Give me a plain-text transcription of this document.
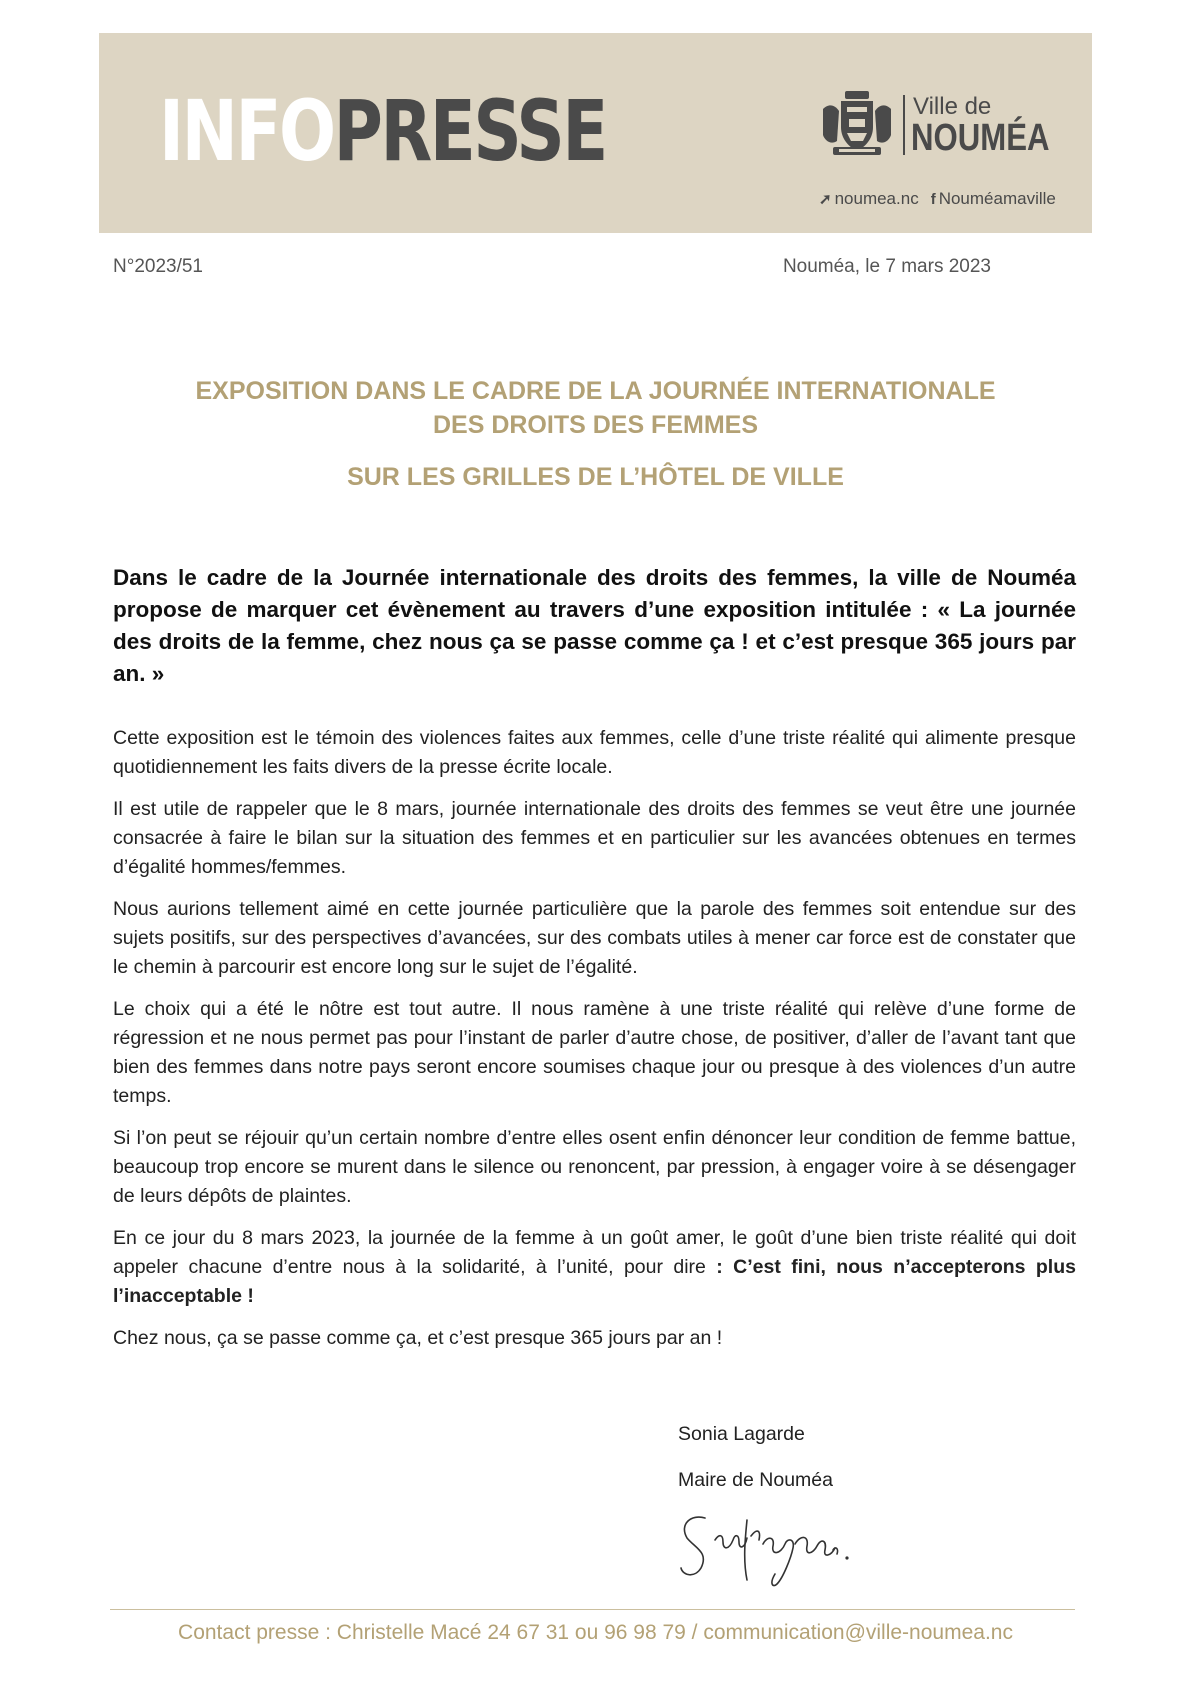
INFOPRESSE	Ville de
NOUMÉA
➚ noumea.nc f Nouméamaville
N°2023/51	Nouméa, le 7 mars 2023
EXPOSITION DANS LE CADRE DE LA JOURNÉE INTERNATIONALE
DES DROITS DES FEMMES
SUR LES GRILLES DE L’HÔTEL DE VILLE
Dans le cadre de la Journée internationale des droits des femmes, la ville de Nouméa propose de marquer cet évènement au travers d’une exposition intitulée : « La journée des droits de la femme, chez nous ça se passe comme ça ! et c’est presque 365 jours par an. »

Cette exposition est le témoin des violences faites aux femmes, celle d’une triste réalité qui alimente presque quotidiennement les faits divers de la presse écrite locale.

Il est utile de rappeler que le 8 mars, journée internationale des droits des femmes se veut être une journée consacrée à faire le bilan sur la situation des femmes et en particulier sur les avancées obtenues en termes d’égalité hommes/femmes.

Nous aurions tellement aimé en cette journée particulière que la parole des femmes soit entendue sur des sujets positifs, sur des perspectives d’avancées, sur des combats utiles à mener car force est de constater que le chemin à parcourir est encore long sur le sujet de l’égalité.

Le choix qui a été le nôtre est tout autre. Il nous ramène à une triste réalité qui relève d’une forme de régression et ne nous permet pas pour l’instant de parler d’autre chose, de positiver, d’aller de l’avant tant que bien des femmes dans notre pays seront encore soumises chaque jour ou presque à des violences d’un autre temps.

Si l’on peut se réjouir qu’un certain nombre d’entre elles osent enfin dénoncer leur condition de femme battue, beaucoup trop encore se murent dans le silence ou renoncent, par pression, à engager voire à se désengager de leurs dépôts de plaintes.

En ce jour du 8 mars 2023, la journée de la femme à un goût amer, le goût d’une bien triste réalité qui doit appeler chacune d’entre nous à la solidarité, à l’unité, pour dire : C’est fini, nous n’accepterons plus l’inacceptable !

Chez nous, ça se passe comme ça, et c’est presque 365 jours par an !

Sonia Lagarde
Maire de Nouméa
Contact presse : Christelle Macé 24 67 31 ou 96 98 79 / communication@ville-noumea.nc
